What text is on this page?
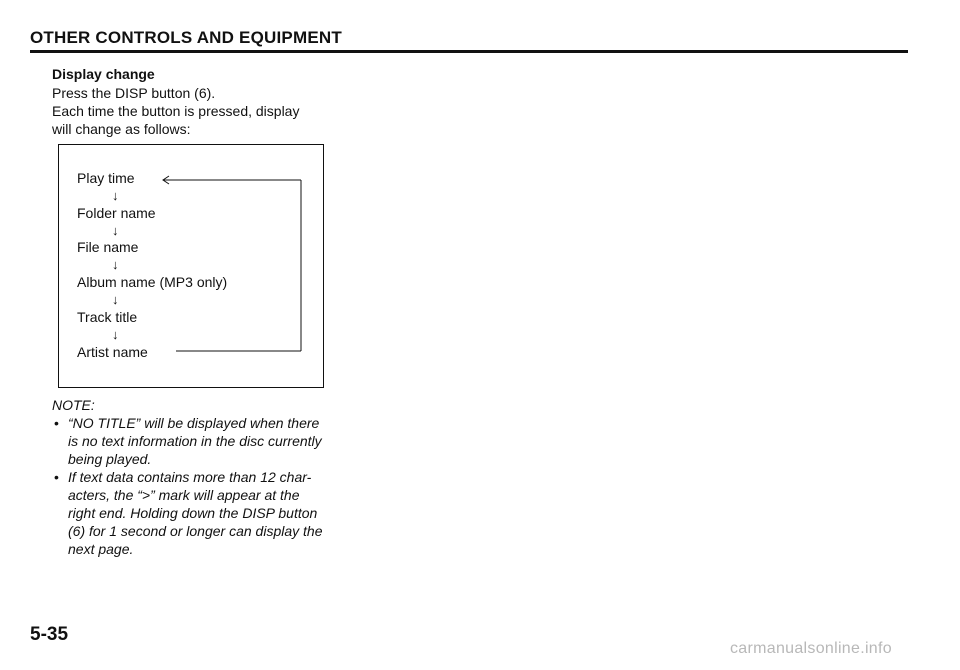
OTHER CONTROLS AND EQUIPMENT
Display change
Press the DISP button (6).
Each time the button is pressed, display
will change as follows:
Play time
↓
Folder name
↓
File name
↓
Album name (MP3 only)
↓
Track title
↓
Artist name
NOTE:
• “NO TITLE” will be displayed when there
is no text information in the disc currently
being played.
• If text data contains more than 12 char-
acters, the “>” mark will appear at the
right end. Holding down the DISP button
(6) for 1 second or longer can display the
next page.
5-35
carmanualsonline.info
